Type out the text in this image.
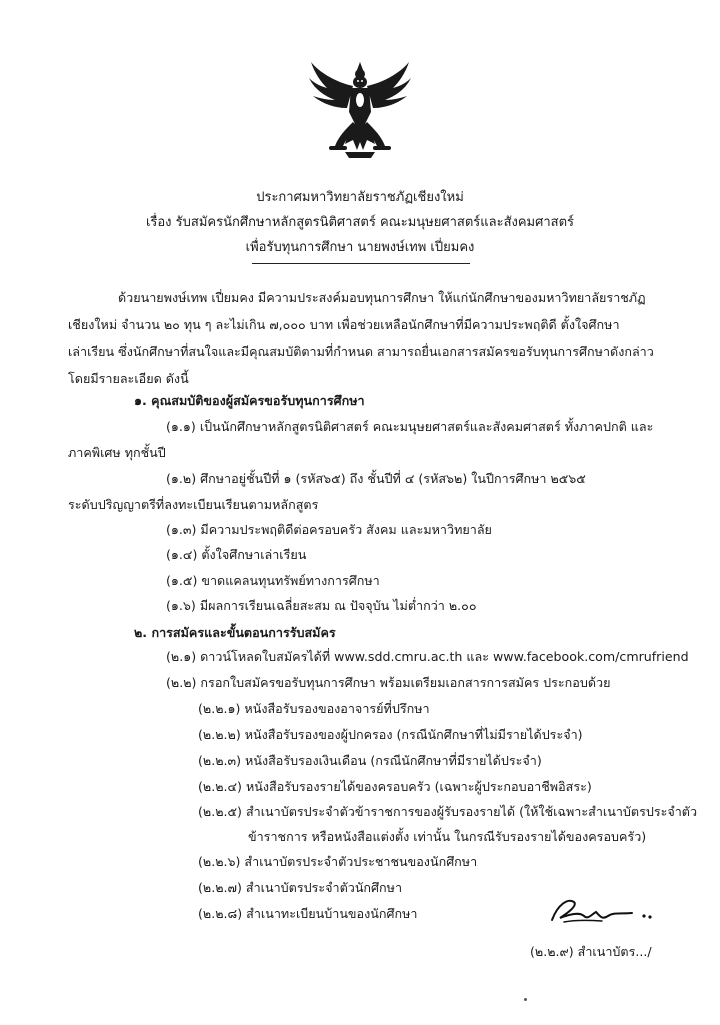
ประกาศมหาวิทยาลัยราชภัฏเชียงใหม่
เรื่อง รับสมัครนักศึกษาหลักสูตรนิติศาสตร์ คณะมนุษยศาสตร์และสังคมศาสตร์
เพื่อรับทุนการศึกษา นายพงษ์เทพ เปี่ยมคง
ด้วยนายพงษ์เทพ เปี่ยมคง มีความประสงค์มอบทุนการศึกษา ให้แก่นักศึกษาของมหาวิทยาลัยราชภัฏ
เชียงใหม่ จำนวน ๒๐ ทุน ๆ ละไม่เกิน ๗,๐๐๐ บาท เพื่อช่วยเหลือนักศึกษาที่มีความประพฤติดี ตั้งใจศึกษา
เล่าเรียน ซึ่งนักศึกษาที่สนใจและมีคุณสมบัติตามที่กำหนด สามารถยื่นเอกสารสมัครขอรับทุนการศึกษาดังกล่าว
โดยมีรายละเอียด ดังนี้
๑. คุณสมบัติของผู้สมัครขอรับทุนการศึกษา
(๑.๑) เป็นนักศึกษาหลักสูตรนิติศาสตร์ คณะมนุษยศาสตร์และสังคมศาสตร์ ทั้งภาคปกติ และ
ภาคพิเศษ ทุกชั้นปี
(๑.๒) ศึกษาอยู่ชั้นปีที่ ๑ (รหัส๖๕) ถึง ชั้นปีที่ ๔ (รหัส๖๒) ในปีการศึกษา ๒๕๖๕
ระดับปริญญาตรีที่ลงทะเบียนเรียนตามหลักสูตร
(๑.๓) มีความประพฤติดีต่อครอบครัว สังคม และมหาวิทยาลัย
(๑.๔) ตั้งใจศึกษาเล่าเรียน
(๑.๕) ขาดแคลนทุนทรัพย์ทางการศึกษา
(๑.๖) มีผลการเรียนเฉลี่ยสะสม ณ ปัจจุบัน ไม่ต่ำกว่า ๒.๐๐
๒. การสมัครและขั้นตอนการรับสมัคร
(๒.๑) ดาวน์โหลดใบสมัครได้ที่ www.sdd.cmru.ac.th และ www.facebook.com/cmrufriend
(๒.๒) กรอกใบสมัครขอรับทุนการศึกษา พร้อมเตรียมเอกสารการสมัคร ประกอบด้วย
(๒.๒.๑) หนังสือรับรองของอาจารย์ที่ปรึกษา
(๒.๒.๒) หนังสือรับรองของผู้ปกครอง (กรณีนักศึกษาที่ไม่มีรายได้ประจำ)
(๒.๒.๓) หนังสือรับรองเงินเดือน (กรณีนักศึกษาที่มีรายได้ประจำ)
(๒.๒.๔) หนังสือรับรองรายได้ของครอบครัว (เฉพาะผู้ประกอบอาชีพอิสระ)
(๒.๒.๕) สำเนาบัตรประจำตัวข้าราชการของผู้รับรองรายได้ (ให้ใช้เฉพาะสำเนาบัตรประจำตัว
ข้าราชการ หรือหนังสือแต่งตั้ง เท่านั้น ในกรณีรับรองรายได้ของครอบครัว)
(๒.๒.๖) สำเนาบัตรประจำตัวประชาชนของนักศึกษา
(๒.๒.๗) สำเนาบัตรประจำตัวนักศึกษา
(๒.๒.๘) สำเนาทะเบียนบ้านของนักศึกษา
(๒.๒.๙) สำเนาบัตร.../
